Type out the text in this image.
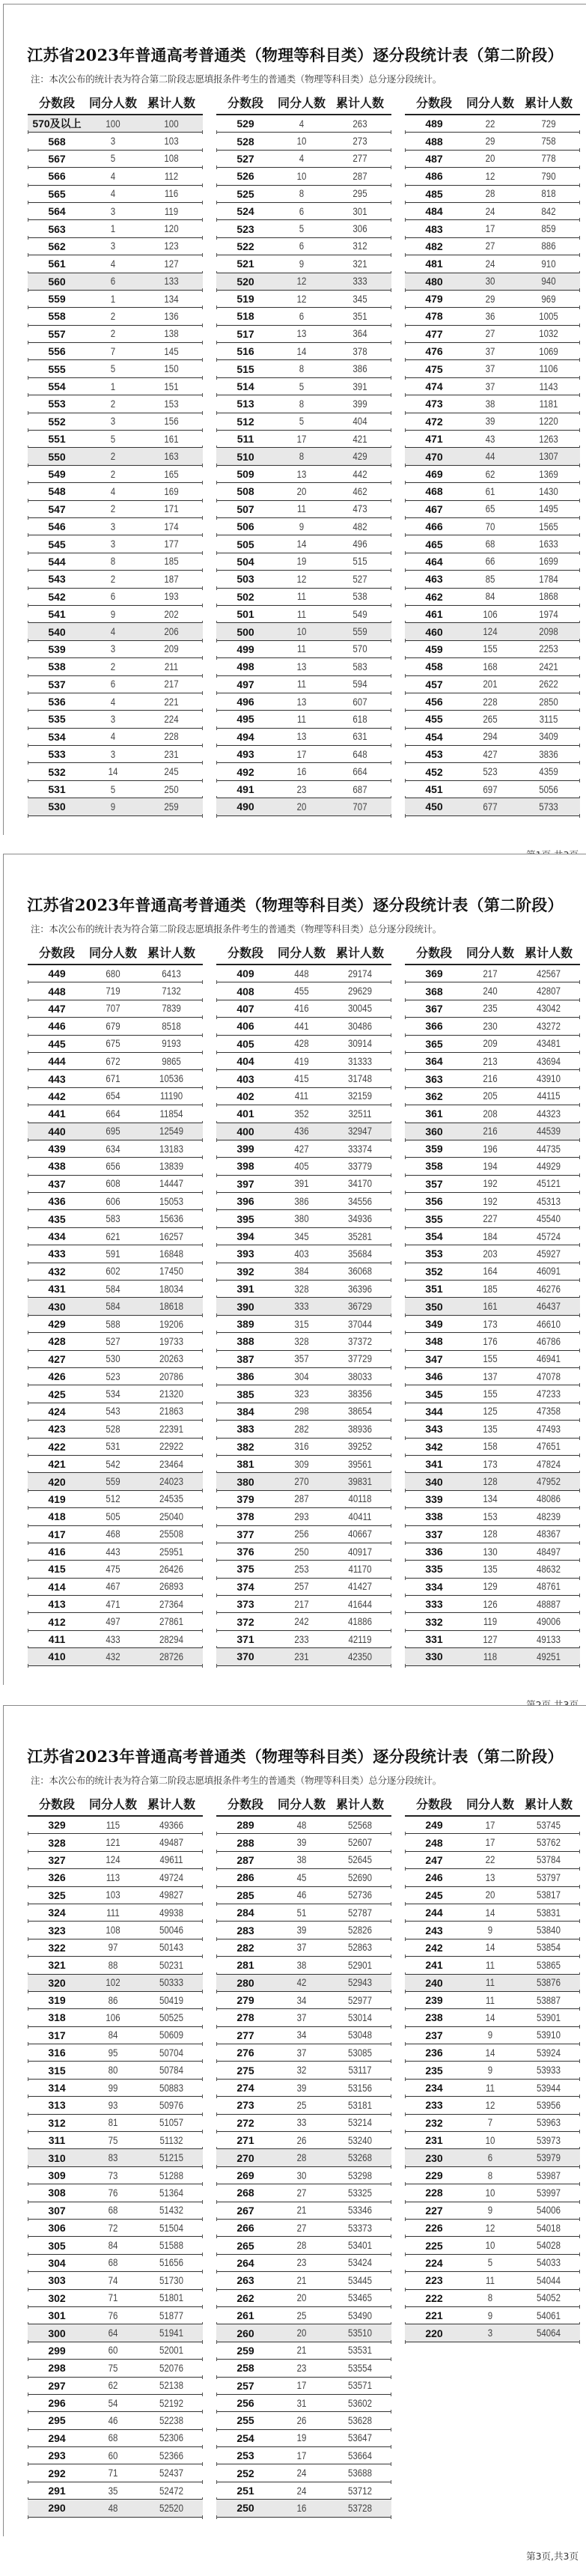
江苏省2023年普通高考普通类（物理等科目类）逐分段统计表（第二阶段）
注：本次公布的统计表为符合第二阶段志愿填报条件考生的普通类（物理等科目类）总分逐分段统计。
分数段	同分人数 累计人数
570及以上	100	100
568	3	103
567	5	108
566	4	112
565	4	116
564	3	119
563	1	120
562	3	123
561	4	127
560	6	133
559	1	134
558	2	136
557	2	138
556	7	145
555	5	150
554	1	151
553	2	153
552	3	156
551	5	161
550	2	163
549	2	165
548	4	169
547	2	171
546	3	174
545	3	177
544	8	185
543	2	187
542	6	193
541	9	202
540	4	206
539	3	209
538	2	211
537	6	217
536	4	221
535	3	224
534	4	228
533	3	231
532	14	245
531	5	250
530	9	259
分数段	同分人数 累计人数
529	4	263
528	10	273
527	4	277
526	10	287
525	8	295
524	6	301
523	5	306
522	6	312
521	9	321
520	12	333
519	12	345
518	6	351
517	13	364
516	14	378
515	8	386
514	5	391
513	8	399
512	5	404
511	17	421
510	8	429
509	13	442
508	20	462
507	11	473
506	9	482
505	14	496
504	19	515
503	12	527
502	11	538
501	11	549
500	10	559
499	11	570
498	13	583
497	11	594
496	13	607
495	11	618
494	13	631
493	17	648
492	16	664
491	23	687
490	20	707
分数段	同分人数 累计人数
489	22	729
488	29	758
487	20	778
486	12	790
485	28	818
484	24	842
483	17	859
482	27	886
481	24	910
480	30	940
479	29	969
478	36	1005
477	27	1032
476	37	1069
475	37	1106
474	37	1143
473	38	1181
472	39	1220
471	43	1263
470	44	1307
469	62	1369
468	61	1430
467	65	1495
466	70	1565
465	68	1633
464	66	1699
463	85	1784
462	84	1868
461	106	1974
460	124	2098
459	155	2253
458	168	2421
457	201	2622
456	228	2850
455	265	3115
454	294	3409
453	427	3836
452	523	4359
451	697	5056
450	677	5733
江苏省2023年普通高考普通类（物理等科目类）逐分段统计表（第二阶段）
注：本次公布的统计表为符合第二阶段志愿填报条件考生的普通类（物理等科目类）总分逐分段统计。
分数段	同分人数 累计人数
449	680	6413
448	719	7132
447	707	7839
446	679	8518
445	675	9193
444	672	9865
443	671	10536
442	654	11190
441	664	11854
440	695	12549
439	634	13183
438	656	13839
437	608	14447
436	606	15053
435	583	15636
434	621	16257
433	591	16848
432	602	17450
431	584	18034
430	584	18618
429	588	19206
428	527	19733
427	530	20263
426	523	20786
425	534	21320
424	543	21863
423	528	22391
422	531	22922
421	542	23464
420	559	24023
419	512	24535
418	505	25040
417	468	25508
416	443	25951
415	475	26426
414	467	26893
413	471	27364
412	497	27861
411	433	28294
410	432	28726
分数段	同分人数 累计人数
409	448	29174
408	455	29629
407	416	30045
406	441	30486
405	428	30914
404	419	31333
403	415	31748
402	411	32159
401	352	32511
400	436	32947
399	427	33374
398	405	33779
397	391	34170
396	386	34556
395	380	34936
394	345	35281
393	403	35684
392	384	36068
391	328	36396
390	333	36729
389	315	37044
388	328	37372
387	357	37729
386	304	38033
385	323	38356
384	298	38654
383	282	38936
382	316	39252
381	309	39561
380	270	39831
379	287	40118
378	293	40411
377	256	40667
376	250	40917
375	253	41170
374	257	41427
373	217	41644
372	242	41886
371	233	42119
370	231	42350
分数段	同分人数 累计人数
369	217	42567
368	240	42807
367	235	43042
366	230	43272
365	209	43481
364	213	43694
363	216	43910
362	205	44115
361	208	44323
360	216	44539
359	196	44735
358	194	44929
357	192	45121
356	192	45313
355	227	45540
354	184	45724
353	203	45927
352	164	46091
351	185	46276
350	161	46437
349	173	46610
348	176	46786
347	155	46941
346	137	47078
345	155	47233
344	125	47358
343	135	47493
342	158	47651
341	173	47824
340	128	47952
339	134	48086
338	153	48239
337	128	48367
336	130	48497
335	135	48632
334	129	48761
333	126	48887
332	119	49006
331	127	49133
330	118	49251
江苏省2023年普通高考普通类（物理等科目类）逐分段统计表（第二阶段）
注：本次公布的统计表为符合第二阶段志愿填报条件考生的普通类（物理等科目类）总分逐分段统计。
分数段	同分人数 累计人数
329	115	49366
328	121	49487
327	124	49611
326	113	49724
325	103	49827
324	111	49938
323	108	50046
322	97	50143
321	88	50231
320	102	50333
319	86	50419
318	106	50525
317	84	50609
316	95	50704
315	80	50784
314	99	50883
313	93	50976
312	81	51057
311	75	51132
310	83	51215
309	73	51288
308	76	51364
307	68	51432
306	72	51504
305	84	51588
304	68	51656
303	74	51730
302	71	51801
301	76	51877
300	64	51941
299	60	52001
298	75	52076
297	62	52138
296	54	52192
295	46	52238
294	68	52306
293	60	52366
292	71	52437
291	35	52472
290	48	52520
分数段	同分人数 累计人数
289	48	52568
288	39	52607
287	38	52645
286	45	52690
285	46	52736
284	51	52787
283	39	52826
282	37	52863
281	38	52901
280	42	52943
279	34	52977
278	37	53014
277	34	53048
276	37	53085
275	32	53117
274	39	53156
273	25	53181
272	33	53214
271	26	53240
270	28	53268
269	30	53298
268	27	53325
267	21	53346
266	27	53373
265	28	53401
264	23	53424
263	21	53445
262	20	53465
261	25	53490
260	20	53510
259	21	53531
258	23	53554
257	17	53571
256	31	53602
255	26	53628
254	19	53647
253	17	53664
252	24	53688
251	24	53712
250	16	53728
分数段	同分人数 累计人数
249	17	53745
248	17	53762
247	22	53784
246	13	53797
245	20	53817
244	14	53831
243	9	53840
242	14	53854
241	11	53865
240	11	53876
239	11	53887
238	14	53901
237	9	53910
236	14	53924
235	9	53933
234	11	53944
233	12	53956
232	7	53963
231	10	53973
230	6	53979
229	8	53987
228	10	53997
227	9	54006
226	12	54018
225	10	54028
224	5	54033
223	11	54044
222	8	54052
221	9	54061
220	3	54064
第3页,共3页
